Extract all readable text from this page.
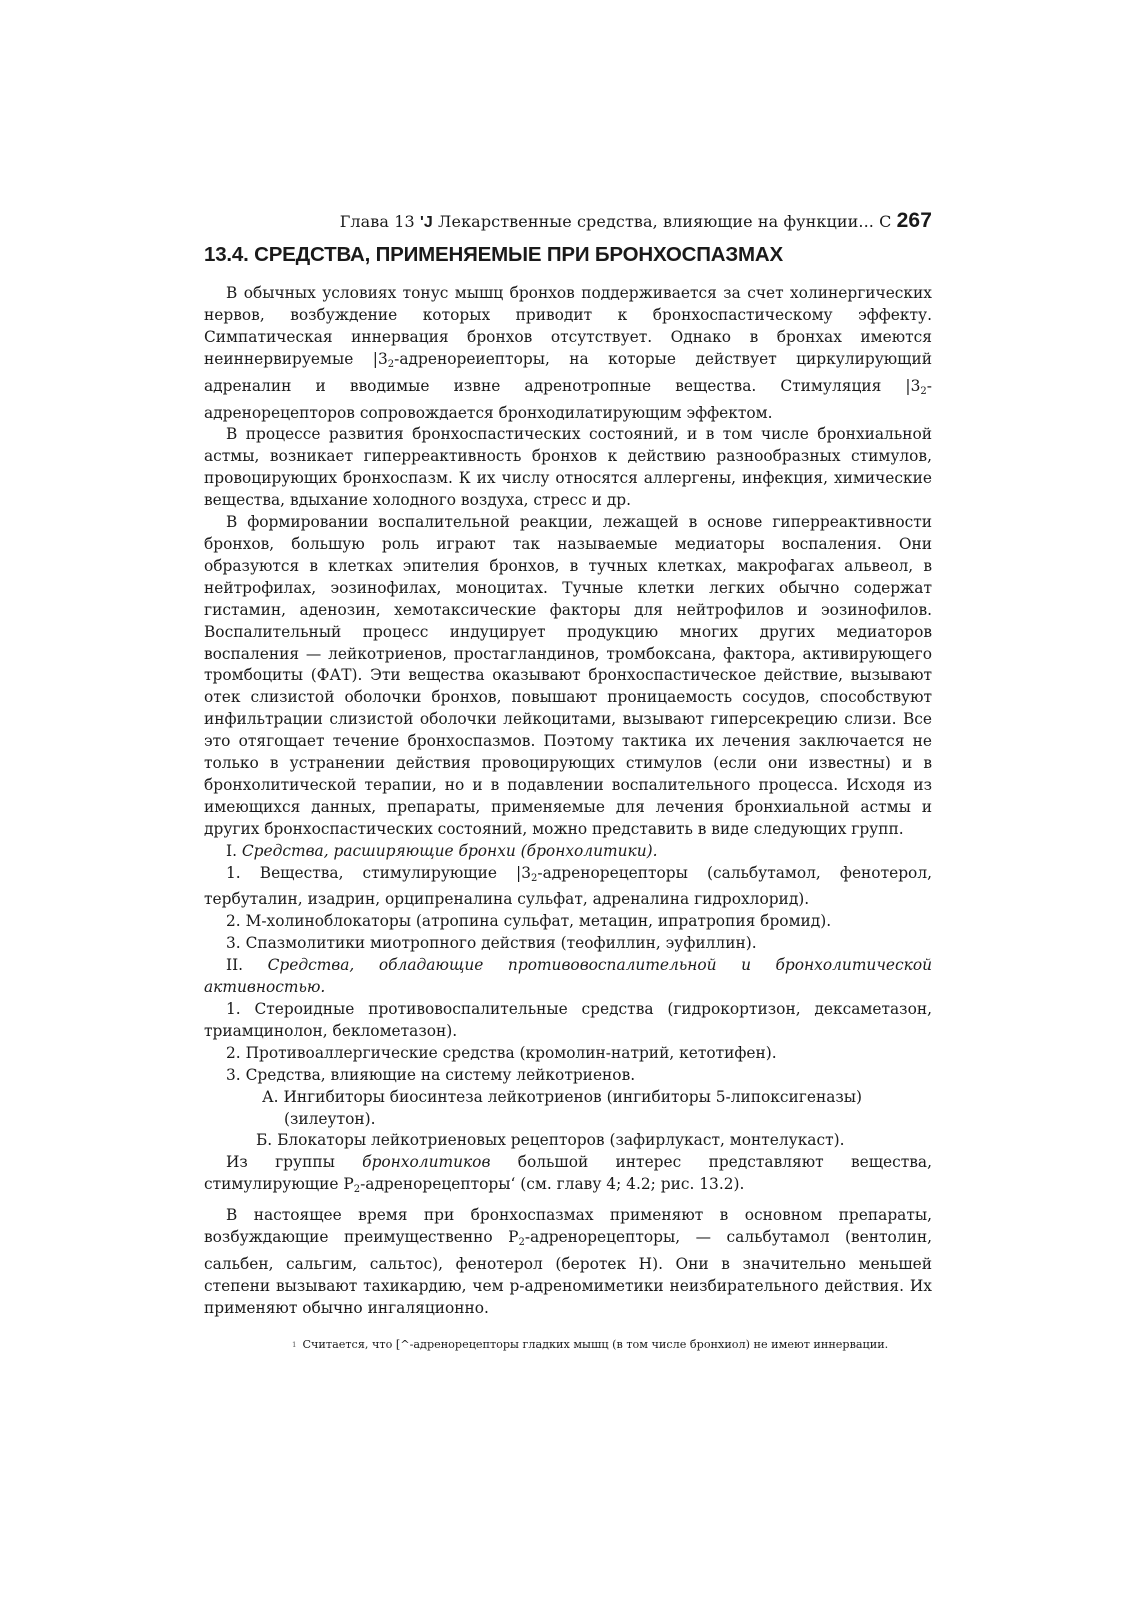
Глава 13 'J Лекарственные средства, влияющие на функции... С 267
13.4. СРЕДСТВА, ПРИМЕНЯЕМЫЕ ПРИ БРОНХОСПАЗМАХ

В обычных условиях тонус мышц бронхов поддерживается за счет холинергических нервов, возбуждение которых приводит к бронхоспастическому эффекту. Симпатическая иннервация бронхов отсутствует. Однако в бронхах имеются неиннервируемые $|3_2$-адренореиепторы, на которые действует циркулирующий адреналин и вводимые извне адренотропные вещества. Стимуляция $|3_2$-адренорецепторов сопровождается бронходилатирующим эффектом.

В процессе развития бронхоспастических состояний, и в том числе бронхиальной астмы, возникает гиперреактивность бронхов к действию разнообразных стимулов, провоцирующих бронхоспазм. К их числу относятся аллергены, инфекция, химические вещества, вдыхание холодного воздуха, стресс и др.

В формировании воспалительной реакции, лежащей в основе гиперреактивности бронхов, большую роль играют так называемые медиаторы воспаления. Они образуются в клетках эпителия бронхов, в тучных клетках, макрофагах альвеол, в нейтрофилах, эозинофилах, моноцитах. Тучные клетки легких обычно содержат гистамин, аденозин, хемотаксические факторы для нейтрофилов и эозинофилов. Воспалительный процесс индуцирует продукцию многих других медиаторов воспаления — лейкотриенов, простагландинов, тромбоксана, фактора, активирующего тромбоциты (ФАТ). Эти вещества оказывают бронхоспастическое действие, вызывают отек слизистой оболочки бронхов, повышают проницаемость сосудов, способствуют инфильтрации слизистой оболочки лейкоцитами, вызывают гиперсекрецию слизи. Все это отягощает течение бронхоспазмов. Поэтому тактика их лечения заключается не только в устранении действия провоцирующих стимулов (если они известны) и в бронхолитической терапии, но и в подавлении воспалительного процесса. Исходя из имеющихся данных, препараты, применяемые для лечения бронхиальной астмы и других бронхоспастических состояний, можно представить в виде следующих групп.

I. Средства, расширяющие бронхи (бронхолитики).

1. Вещества, стимулирующие $|3_2$-адренорецепторы (сальбутамол, фенотерол, тербуталин, изадрин, орципреналина сульфат, адреналина гидрохлорид).

2. М-холиноблокаторы (атропина сульфат, метацин, ипратропия бромид).

3. Спазмолитики миотропного действия (теофиллин, эуфиллин).

II. Средства, обладающие противовоспалительной и бронхолитической активностью.

1. Стероидные противовоспалительные средства (гидрокортизон, дексаметазон, триамцинолон, беклометазон).

2. Противоаллергические средства (кромолин-натрий, кетотифен).

3. Средства, влияющие на систему лейкотриенов.

А. Ингибиторы биосинтеза лейкотриенов (ингибиторы 5-липоксигеназы) (зилеутон).

Б. Блокаторы лейкотриеновых рецепторов (зафирлукаст, монтелукаст).

Из группы бронхолитиков большой интерес представляют вещества, стимулирующие $Р_2-адренорецепторы‘$ (см. главу 4; 4.2; рис. 13.2).

В настоящее время при бронхоспазмах применяют в основном препараты, возбуждающие преимущественно $Р_2$-адренорецепторы, — сальбутамол (вентолин, сальбен, сальгим, сальтос), фенотерол (беротек Н). Они в значительно меньшей степени вызывают тахикардию, чем р-адреномиметики неизбирательного действия. Их применяют обычно ингаляционно.

1 Считается, что [^-адренорецепторы гладких мышц (в том числе бронхиол) не имеют иннервации.
